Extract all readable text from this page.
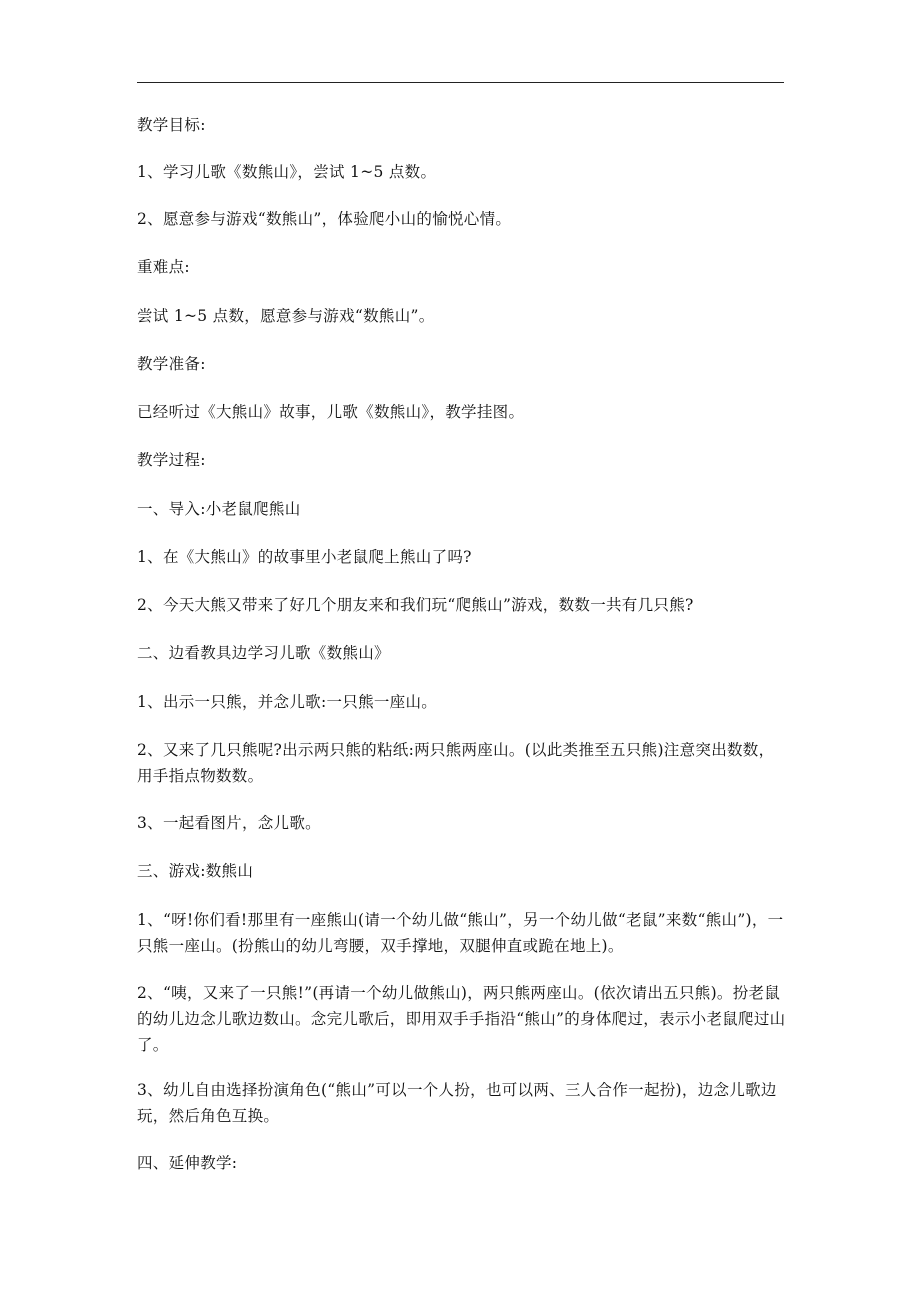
教学目标:

1、学习儿歌《数熊山》，尝试 1~5 点数。

2、愿意参与游戏“数熊山”，体验爬小山的愉悦心情。

重难点:

尝试 1~5 点数，愿意参与游戏“数熊山”。

教学准备:

已经听过《大熊山》故事，儿歌《数熊山》，教学挂图。

教学过程:

一、导入:小老鼠爬熊山

1、在《大熊山》的故事里小老鼠爬上熊山了吗?

2、今天大熊又带来了好几个朋友来和我们玩“爬熊山”游戏，数数一共有几只熊?

二、边看教具边学习儿歌《数熊山》

1、出示一只熊，并念儿歌:一只熊一座山。

2、又来了几只熊呢?出示两只熊的粘纸:两只熊两座山。(以此类推至五只熊)注意突出数数，用手指点物数数。

3、一起看图片，念儿歌。

三、游戏:数熊山

1、“呀!你们看!那里有一座熊山(请一个幼儿做“熊山”，另一个幼儿做“老鼠”来数“熊山”)，一只熊一座山。(扮熊山的幼儿弯腰，双手撑地，双腿伸直或跪在地上)。

2、“咦，又来了一只熊!”(再请一个幼儿做熊山)，两只熊两座山。(依次请出五只熊)。扮老鼠的幼儿边念儿歌边数山。念完儿歌后，即用双手手指沿“熊山”的身体爬过，表示小老鼠爬过山了。

3、幼儿自由选择扮演角色(“熊山”可以一个人扮，也可以两、三人合作一起扮)，边念儿歌边玩，然后角色互换。

四、延伸教学:
